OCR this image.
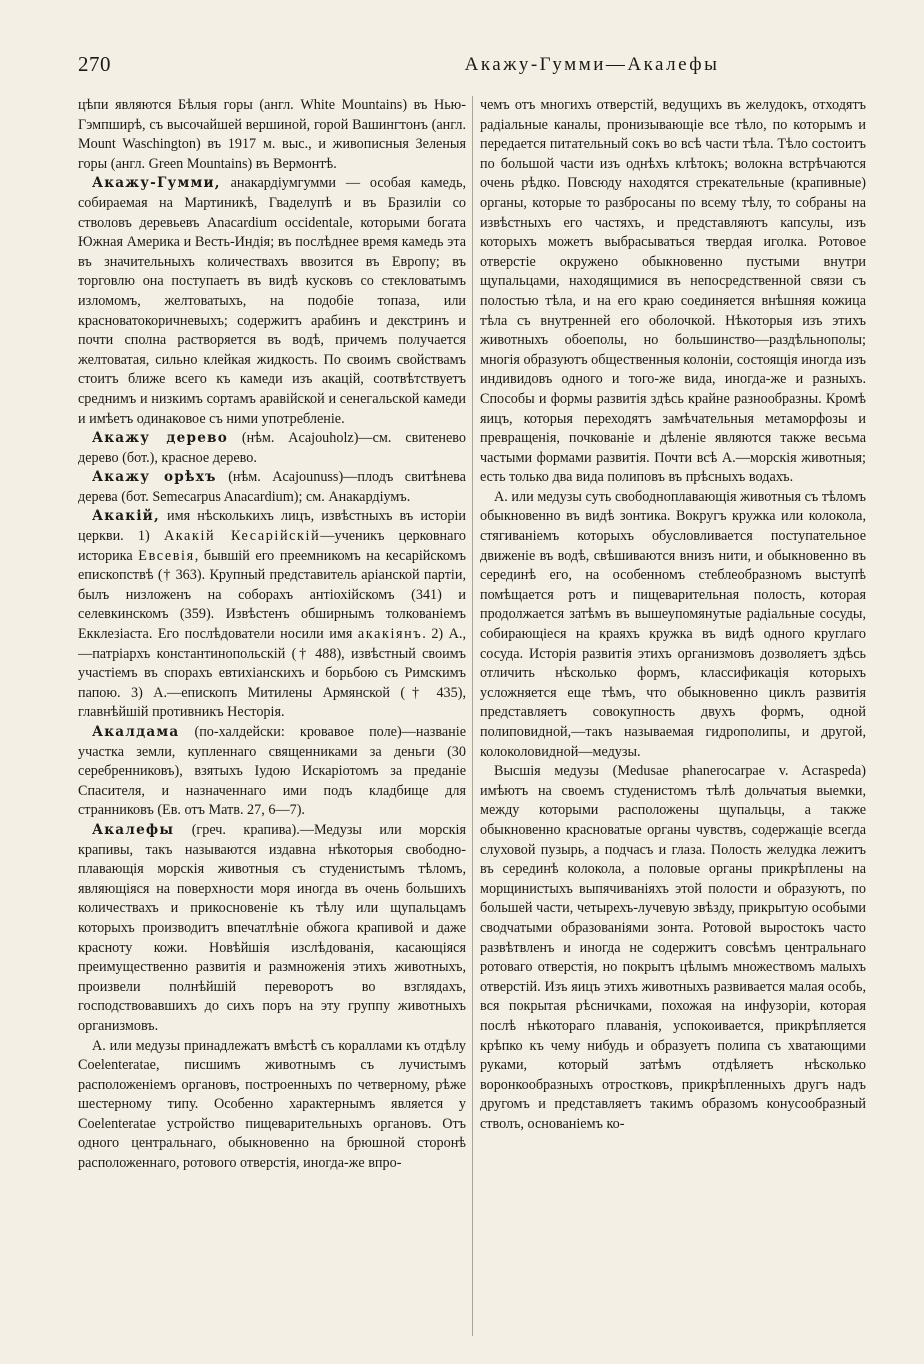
270	Акажу-Гумми—Акалефы

цѣпи являются Бѣлыя горы (англ. White Mountains) въ Нью-Гэмпширѣ, съ высочайшей вершиной, горой Вашингтонъ (англ. Mount Waschington) въ 1917 м. выс., и живописныя Зеленыя горы (англ. Green Mountains) въ Вермонтѣ.

Акажу-Гумми, анакардіумгумми — особая камедь, собираемая на Мартиникѣ, Гваделупѣ и въ Бразиліи со стволовъ деревьевъ Anacardium occidentale, которыми богата Южная Америка и Весть-Индія; въ послѣднее время камедь эта въ значительныхъ количествахъ ввозится въ Европу; въ торговлю она поступаетъ въ видѣ кусковъ со стекловатымъ изломомъ, желтоватыхъ, на подобіе топаза, или красноватокоричневыхъ; содержитъ арабинъ и декстринъ и почти сполна растворяется въ водѣ, причемъ получается желтоватая, сильно клейкая жидкость. По своимъ свойствамъ стоитъ ближе всего къ камеди изъ акацій, соотвѣтствуетъ среднимъ и низкимъ сортамъ аравійской и сенегальской камеди и имѣетъ одинаковое съ ними употребленіе.

Акажу дерево (нѣм. Acajouholz)—см. свитенево дерево (бот.), красное дерево.

Акажу орѣхъ (нѣм. Acajounuss)—плодъ свитѣнева дерева (бот. Semecarpus Anacardium); см. Анакардіумъ.

Акакій, имя нѣсколькихъ лицъ, извѣстныхъ въ исторіи церкви. 1) Акакій Кесарійскій—ученикъ церковнаго историка Евсевія, бывшій его преемникомъ на кесарійскомъ епископствѣ († 363). Крупный представитель аріанской партіи, былъ низложенъ на соборахъ антіохійскомъ (341) и селевкинскомъ (359). Извѣстенъ обширнымъ толкованіемъ Екклезіаста. Его послѣдователи носили имя акакіянъ. 2) А.,—патріархъ константинопольскій († 488), извѣстный своимъ участіемъ въ спорахъ евтихіанскихъ и борьбою съ Римскимъ папою. 3) А.—епископъ Митилены Армянской († 435), главнѣйшій противникъ Несторія.

Акалдама (по-халдейски: кровавое поле)—названіе участка земли, купленнаго священниками за деньги (30 серебренниковъ), взятыхъ Іудою Искаріотомъ за преданіе Спасителя, и назначеннаго ими подъ кладбище для странниковъ (Ев. отъ Матв. 27, 6—7).

Акалефы (греч. крапива).—Медузы или морскія крапивы, такъ называются издавна нѣкоторыя свободно-плавающія морскія животныя съ студенистымъ тѣломъ, являющіяся на поверхности моря иногда въ очень большихъ количествахъ и прикосновеніе къ тѣлу или щупальцамъ которыхъ производитъ впечатлѣніе обжога крапивой и даже краснoту кожи. Новѣйшія изслѣдованія, касающіяся преимущественно развитія и размноженія этихъ животныхъ, произвели полнѣйшій переворотъ во взглядахъ, господствовавшихъ до сихъ поръ на эту группу животныхъ организмовъ.

А. или медузы принадлежатъ вмѣстѣ съ кораллами къ отдѣлу Coelenteratae, писшимъ животнымъ съ лучистымъ расположеніемъ органовъ, построенныхъ по четверному, рѣже шестерному типу. Особенно характернымъ является у Coelenteratae устройство пищеварительныхъ органовъ. Отъ одного центральнаго, обыкновенно на брюшной сторонѣ расположеннаго, ротового отверстія, иногда-же впро-

чемъ отъ многихъ отверстій, ведущихъ въ желудокъ, отходятъ радіальные каналы, пронизывающіе все тѣло, по которымъ и передается питательный сокъ во всѣ части тѣла. Тѣло состоитъ по большой части изъ однѣхъ клѣтокъ; волокна встрѣчаются очень рѣдко. Повсюду находятся стрекательные (крапивные) органы, которые то разбросаны по всему тѣлу, то собраны на извѣстныхъ его частяхъ, и представляютъ капсулы, изъ которыхъ можетъ выбрасываться твердая иголка. Ротовое отверстіе окружено обыкновенно пустыми внутри щупальцами, находящимися въ непосредственной связи съ полостью тѣла, и на его краю соединяется внѣшняя кожица тѣла съ внутренней его оболочкой. Нѣкоторыя изъ этихъ животныхъ обоеполы, но большинство—раздѣльнополы; многія образуютъ общественныя колоніи, состоящія иногда изъ индивидовъ одного и того-же вида, иногда-же и разныхъ. Способы и формы развитія здѣсь крайне разнообразны. Кромѣ яицъ, которыя переходятъ замѣчательныя метаморфозы и превращенія, почкованіе и дѣленіе являются также весьма частыми формами развитія. Почти всѣ А.—морскія животныя; есть только два вида полиповъ въ прѣсныхъ водахъ.

А. или медузы суть свободноплавающія животныя съ тѣломъ обыкновенно въ видѣ зонтика. Вокругъ кружка или колокола, стягиваніемъ которыхъ обусловливается поступательное движеніе въ водѣ, свѣшиваются внизъ нити, и обыкновенно въ серединѣ его, на особенномъ стеблеобразномъ выступѣ помѣщается ротъ и пищеварительная полость, которая продолжается затѣмъ въ вышеупомянутые радіальные сосуды, собирающіеся на краяхъ кружка въ видѣ одного круглаго сосуда. Исторія развитія этихъ организмовъ дозволяетъ здѣсь отличить нѣсколько формъ, классификація которыхъ усложняется еще тѣмъ, что обыкновенно циклъ развитія представляетъ совокупность двухъ формъ, одной полиповидной,—такъ называемая гидрополипы, и другой, колоколовидной—медузы.

Высшія медузы (Medusae phanerocarpae v. Acraspeda) имѣютъ на своемъ студенистомъ тѣлѣ дольчатыя выемки, между которыми расположены щупальцы, а также обыкновенно красноватые органы чувствъ, содержащіе всегда слуховой пузырь, а подчасъ и глаза. Полость желудка лежитъ въ серединѣ колокола, а половые органы прикрѣплены на морщинистыхъ выпячиваніяхъ этой полости и образуютъ, по большей части, четырехъ-лучевую звѣзду, прикрытую особыми сводчатыми образованіями зонта. Ротовой выростокъ часто развѣтвленъ и иногда не содержитъ совсѣмъ центральнаго ротоваго отверстія, но покрытъ цѣлымъ множествомъ малыхъ отверстій. Изъ яицъ этихъ животныхъ развивается малая особь, вся покрытая рѣсничками, похожая на инфузоріи, которая послѣ нѣкотораго плаванія, успокоивается, прикрѣпляется крѣпко къ чему нибудь и образуетъ полипа съ хватающими руками, который затѣмъ отдѣляетъ нѣсколько воронкообразныхъ отростковъ, прикрѣпленныхъ другъ надъ другомъ и представляетъ такимъ образомъ конусообразный стволъ, основаніемъ ко-
